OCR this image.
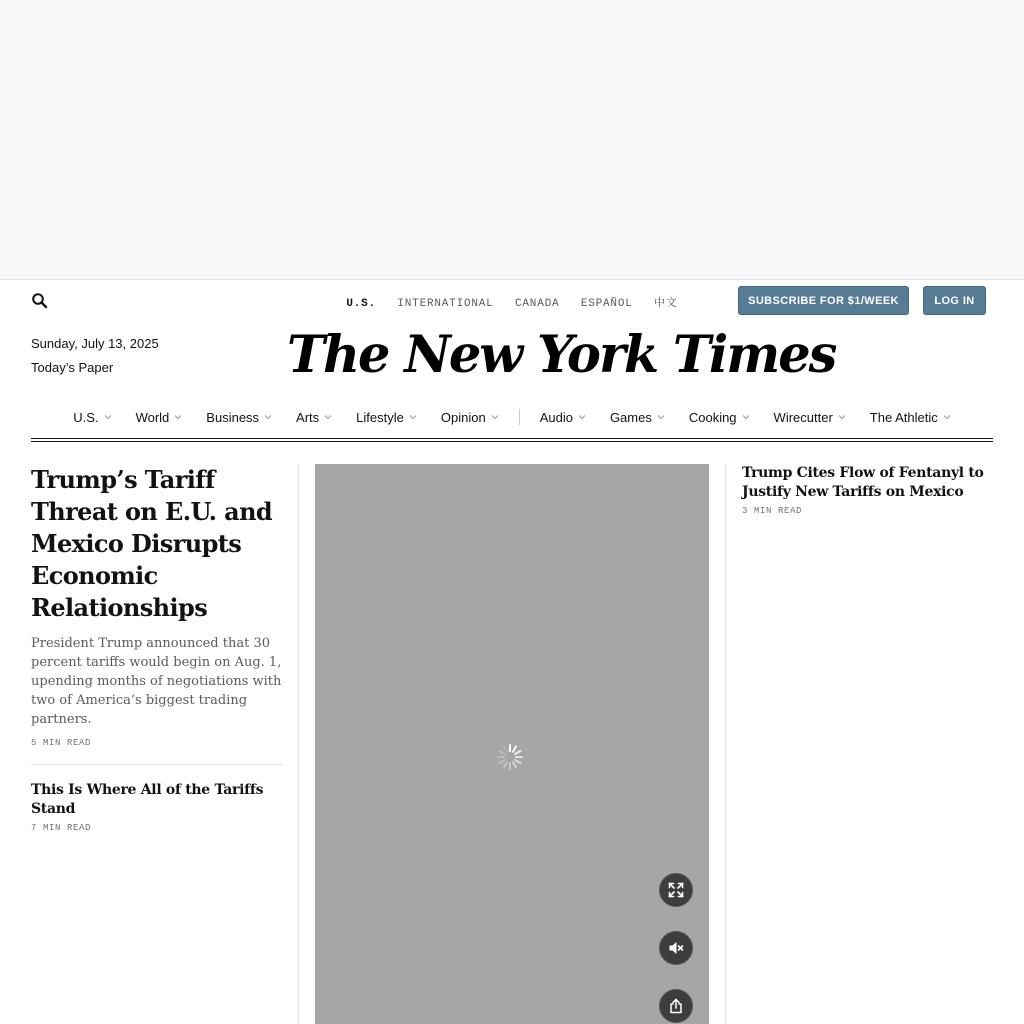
U.S. INTERNATIONAL CANADA ESPAÑOL 中文	SUBSCRIBE FOR $1/WEEK	LOG IN
Sunday, July 13, 2025
Today’s Paper	The New York Times
U.S.	World	Business	Arts	Lifestyle	Opinion	Audio	Games	Cooking	Wirecutter	The Athletic
Trump’s Tariff Threat on E.U. and Mexico Disrupts Economic Relationships

President Trump announced that 30 percent tariffs would begin on Aug. 1, upending months of negotiations with two of America’s biggest trading partners.

5 MIN READ
This Is Where All of the Tariffs Stand
7 MIN READ
Trump Cites Flow of Fentanyl to Justify New Tariffs on Mexico
3 MIN READ
